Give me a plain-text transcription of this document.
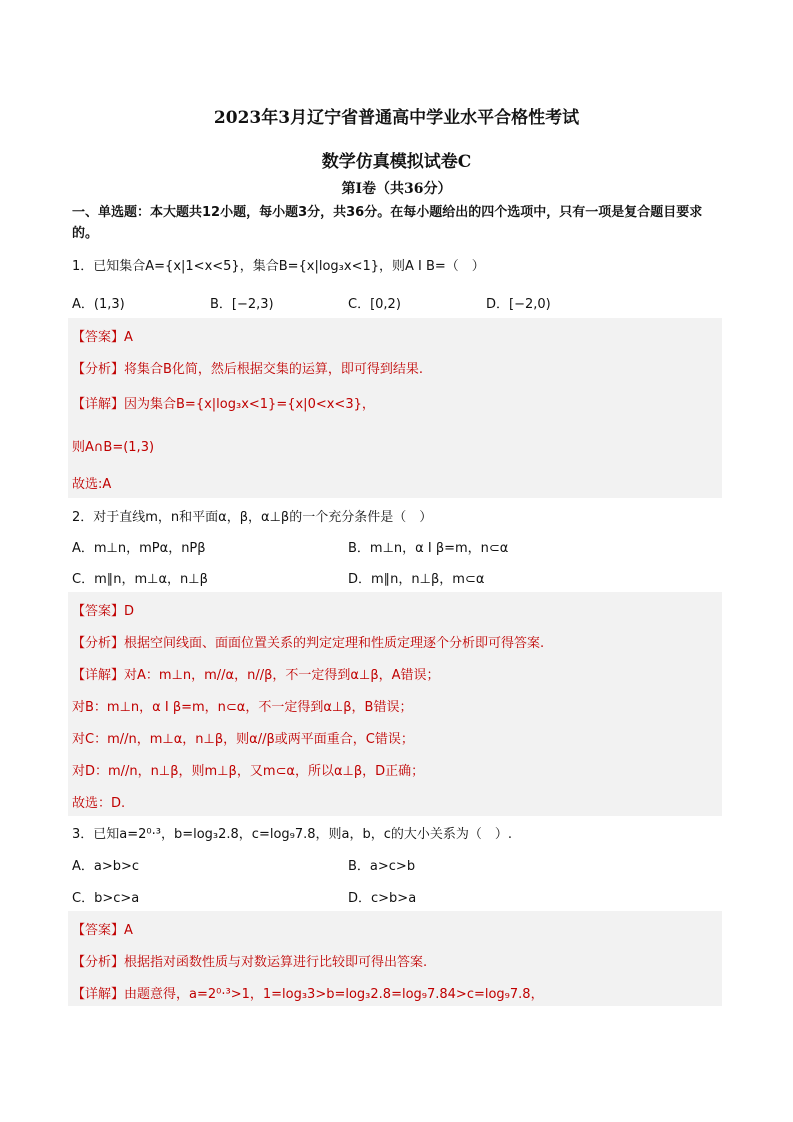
2023年3月辽宁省普通高中学业水平合格性考试
数学仿真模拟试卷C
第I卷（共36分）
一、单选题：本大题共12小题，每小题3分，共36分。在每小题给出的四个选项中，只有一项是复合题目要求的。
1．已知集合A={x|1<x<5}，集合B={x|log₃x<1}，则A I B=（　）
A．(1,3)	B．[−2,3)	C．[0,2)	D．[−2,0)
【答案】A
【分析】将集合B化简，然后根据交集的运算，即可得到结果.
【详解】因为集合B={x|log₃x<1}={x|0<x<3}，
则A∩B=(1,3)
故选:A
2．对于直线m，n和平面α，β，α⊥β的一个充分条件是（　）
A．m⊥n，mPα，nPβ	B．m⊥n，α I β=m，n⊂α
C．m∥n，m⊥α，n⊥β	D．m∥n，n⊥β，m⊂α
【答案】D
【分析】根据空间线面、面面位置关系的判定定理和性质定理逐个分析即可得答案.
【详解】对A：m⊥n，m//α，n//β，不一定得到α⊥β，A错误；
对B：m⊥n，α I β=m，n⊂α，不一定得到α⊥β，B错误；
对C：m//n，m⊥α，n⊥β，则α//β或两平面重合，C错误；
对D：m//n，n⊥β，则m⊥β，又m⊂α，所以α⊥β，D正确；
故选：D.
3．已知a=2⁰·³，b=log₃2.8，c=log₉7.8，则a，b，c的大小关系为（　）.
A．a>b>c	B．a>c>b
C．b>c>a	D．c>b>a
【答案】A
【分析】根据指对函数性质与对数运算进行比较即可得出答案.
【详解】由题意得，a=2⁰·³>1，1=log₃3>b=log₃2.8=log₉7.84>c=log₉7.8，
